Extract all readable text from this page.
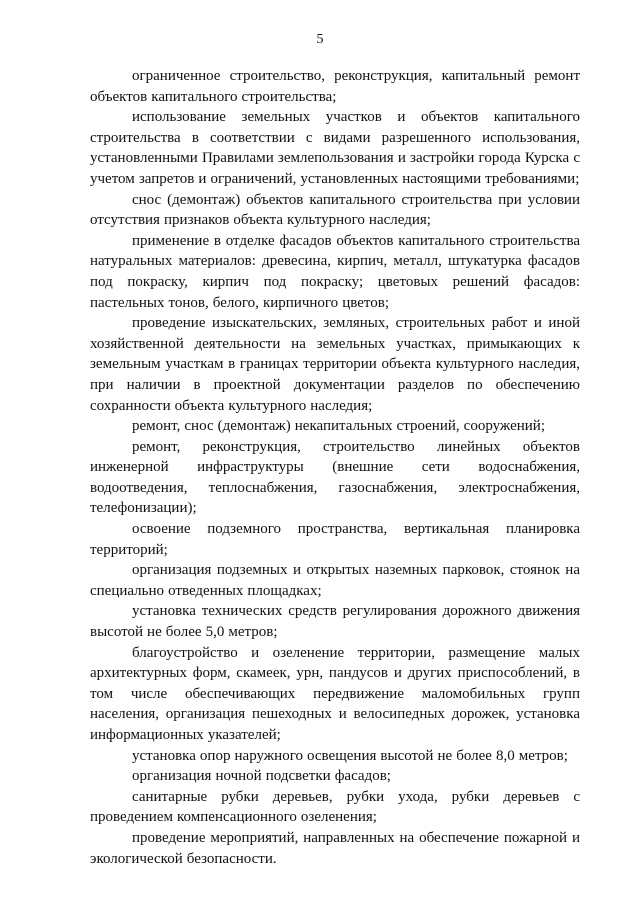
5

ограниченное строительство, реконструкция, капитальный ремонт объектов капитального строительства;

использование земельных участков и объектов капитального строительства в соответствии с видами разрешенного использования, установленными Правилами землепользования и застройки города Курска с учетом запретов и ограничений, установленных настоящими требованиями;

снос (демонтаж) объектов капитального строительства при условии отсутствия признаков объекта культурного наследия;

применение в отделке фасадов объектов капитального строительства натуральных материалов: древесина, кирпич, металл, штукатурка фасадов под покраску, кирпич под покраску; цветовых решений фасадов: пастельных тонов, белого, кирпичного цветов;

проведение изыскательских, земляных, строительных работ и иной хозяйственной деятельности на земельных участках, примыкающих к земельным участкам в границах территории объекта культурного наследия, при наличии в проектной документации разделов по обеспечению сохранности объекта культурного наследия;

ремонт, снос (демонтаж) некапитальных строений, сооружений;

ремонт, реконструкция, строительство линейных объектов инженерной инфраструктуры (внешние сети водоснабжения, водоотведения, теплоснабжения, газоснабжения, электроснабжения, телефонизации);

освоение подземного пространства, вертикальная планировка территорий;

организация подземных и открытых наземных парковок, стоянок на специально отведенных площадках;

установка технических средств регулирования дорожного движения высотой не более 5,0 метров;

благоустройство и озеленение территории, размещение малых архитектурных форм, скамеек, урн, пандусов и других приспособлений, в том числе обеспечивающих передвижение маломобильных групп населения, организация пешеходных и велосипедных дорожек, установка информационных указателей;

установка опор наружного освещения высотой не более 8,0 метров;

организация ночной подсветки фасадов;

санитарные рубки деревьев, рубки ухода, рубки деревьев с проведением компенсационного озеленения;

проведение мероприятий, направленных на обеспечение пожарной и экологической безопасности.
